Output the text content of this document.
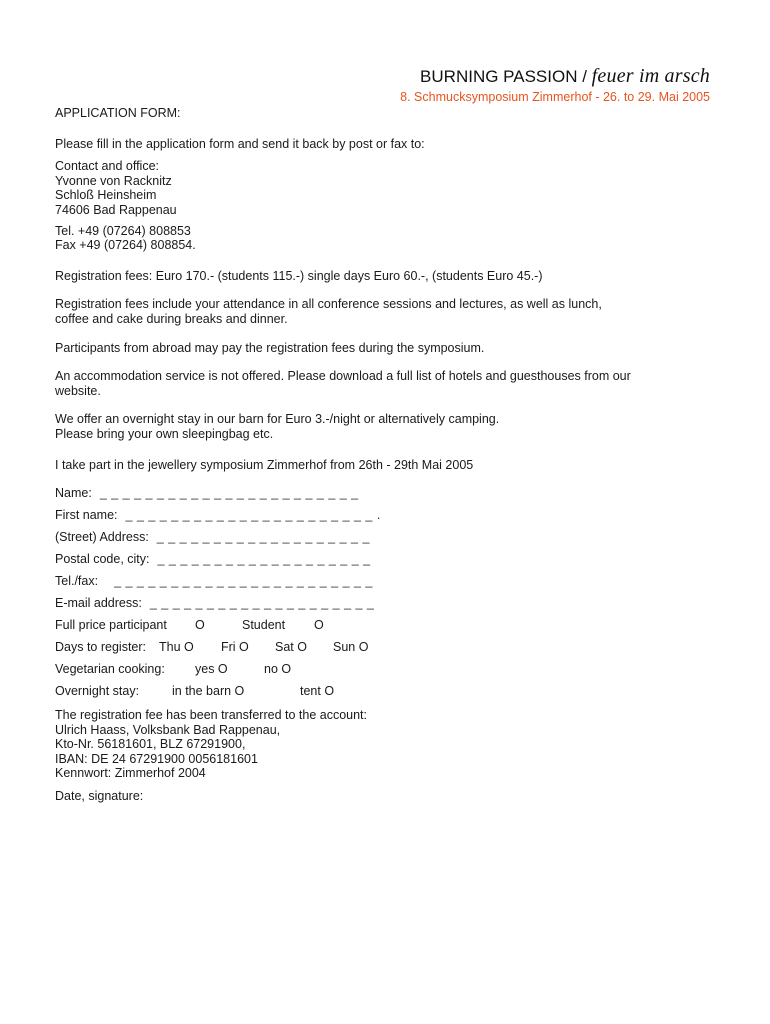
BURNING PASSION / feuer im arsch
8. Schmucksymposium Zimmerhof - 26. to 29. Mai 2005
APPLICATION FORM:
Please fill in the application form and send it back by post or fax to:
Contact and office:
Yvonne von Racknitz
Schloß Heinsheim
74606 Bad Rappenau
Tel. +49 (07264) 808853
Fax +49 (07264) 808854.
Registration fees: Euro 170.- (students 115.-) single days Euro 60.-, (students Euro 45.-)
Registration fees include your attendance in all conference sessions and lectures, as well as lunch,
coffee and cake during breaks and dinner.
Participants from abroad may pay the registration fees during the symposium.
An accommodation service is not offered. Please download a full list of hotels and guesthouses from our
website.
We offer an overnight stay in our barn for Euro 3.-/night or alternatively camping.
Please bring your own sleepingbag etc.
I take part in the jewellery symposium Zimmerhof from 26th - 29th Mai 2005
Name: _ _ _ _ _ _ _ _ _ _ _ _ _ _ _ _ _ _ _ _ _ _ _
First name: _ _ _ _ _ _ _ _ _ _ _ _ _ _ _ _ _ _ _ _ _ _ .
(Street) Address: _ _ _ _ _ _ _ _ _ _ _ _ _ _ _ _ _ _ _
Postal code, city: _ _ _ _ _ _ _ _ _ _ _ _ _ _ _ _ _ _ _
Tel./fax: _ _ _ _ _ _ _ _ _ _ _ _ _ _ _ _ _ _ _ _ _ _ _
E-mail address: _ _ _ _ _ _ _ _ _ _ _ _ _ _ _ _ _ _ _ _
Full price participant O	Student O
Days to register: Thu O Fri O Sat O Sun O
Vegetarian cooking: yes O	no O
Overnight stay:	in the barn O	tent O
The registration fee has been transferred to the account:
Ulrich Haass, Volksbank Bad Rappenau,
Kto-Nr. 56181601, BLZ 67291900,
IBAN: DE 24 67291900 0056181601
Kennwort: Zimmerhof 2004
Date, signature:
